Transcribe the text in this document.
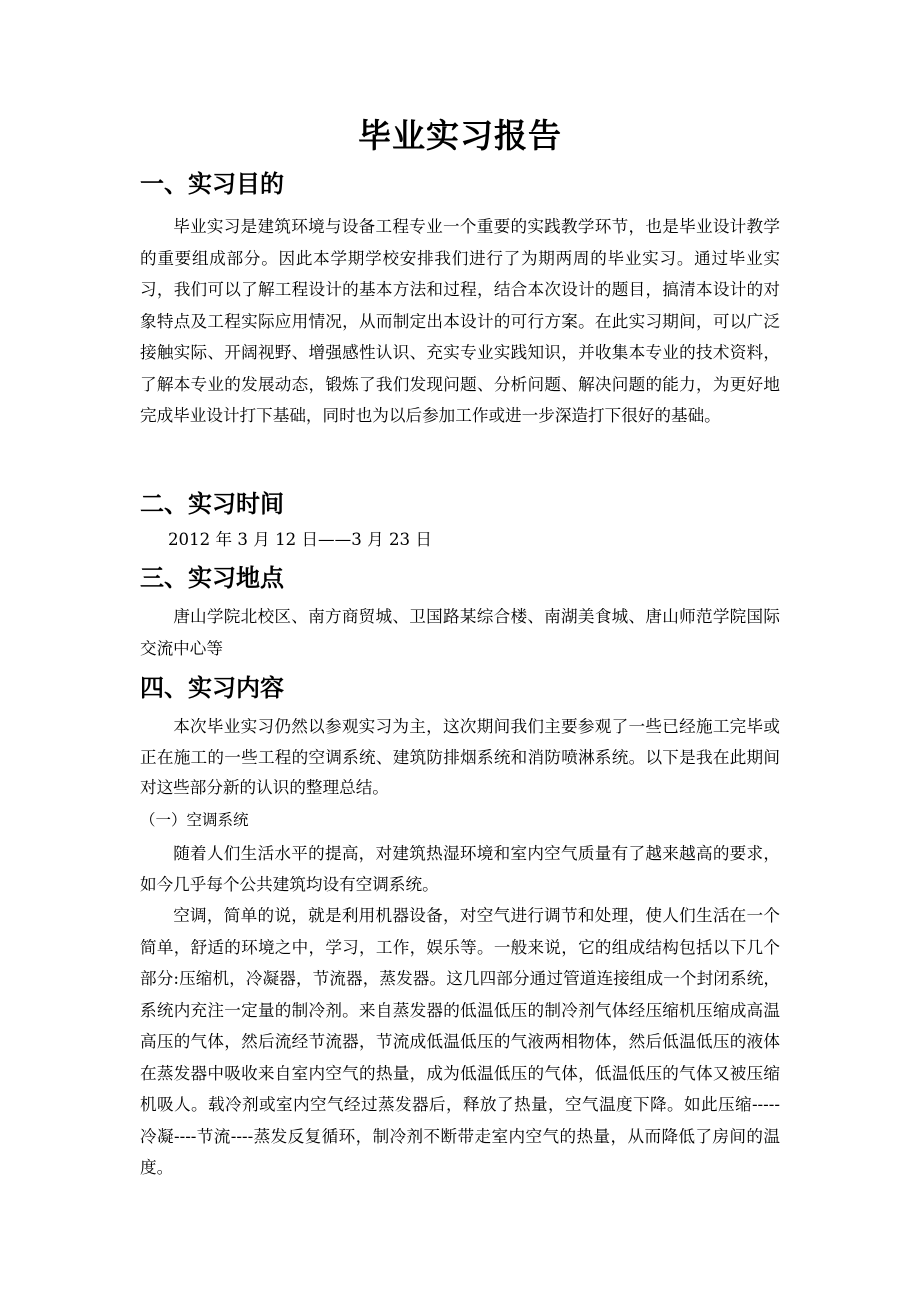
毕业实习报告
一、实习目的

毕业实习是建筑环境与设备工程专业一个重要的实践教学环节，也是毕业设计教学的重要组成部分。因此本学期学校安排我们进行了为期两周的毕业实习。通过毕业实习，我们可以了解工程设计的基本方法和过程，结合本次设计的题目，搞清本设计的对象特点及工程实际应用情况，从而制定出本设计的可行方案。在此实习期间，可以广泛接触实际、开阔视野、增强感性认识、充实专业实践知识，并收集本专业的技术资料，了解本专业的发展动态，锻炼了我们发现问题、分析问题、解决问题的能力，为更好地完成毕业设计打下基础，同时也为以后参加工作或进一步深造打下很好的基础。

二、实习时间
2012 年 3 月 12 日——3 月 23 日
三、实习地点

唐山学院北校区、南方商贸城、卫国路某综合楼、南湖美食城、唐山师范学院国际交流中心等

四、实习内容

本次毕业实习仍然以参观实习为主，这次期间我们主要参观了一些已经施工完毕或正在施工的一些工程的空调系统、建筑防排烟系统和消防喷淋系统。以下是我在此期间对这些部分新的认识的整理总结。

（一）空调系统

随着人们生活水平的提高，对建筑热湿环境和室内空气质量有了越来越高的要求，如今几乎每个公共建筑均设有空调系统。

空调，简单的说，就是利用机器设备，对空气进行调节和处理，使人们生活在一个简单，舒适的环境之中，学习，工作，娱乐等。一般来说，它的组成结构包括以下几个部分:压缩机，冷凝器，节流器，蒸发器。这几四部分通过管道连接组成一个封闭系统，系统内充注一定量的制冷剂。来自蒸发器的低温低压的制冷剂气体经压缩机压缩成高温高压的气体，然后流经节流器，节流成低温低压的气液两相物体，然后低温低压的液体在蒸发器中吸收来自室内空气的热量，成为低温低压的气体，低温低压的气体又被压缩机吸人。载冷剂或室内空气经过蒸发器后，释放了热量，空气温度下降。如此压缩-----冷凝----节流----蒸发反复循环，制冷剂不断带走室内空气的热量，从而降低了房间的温度。
